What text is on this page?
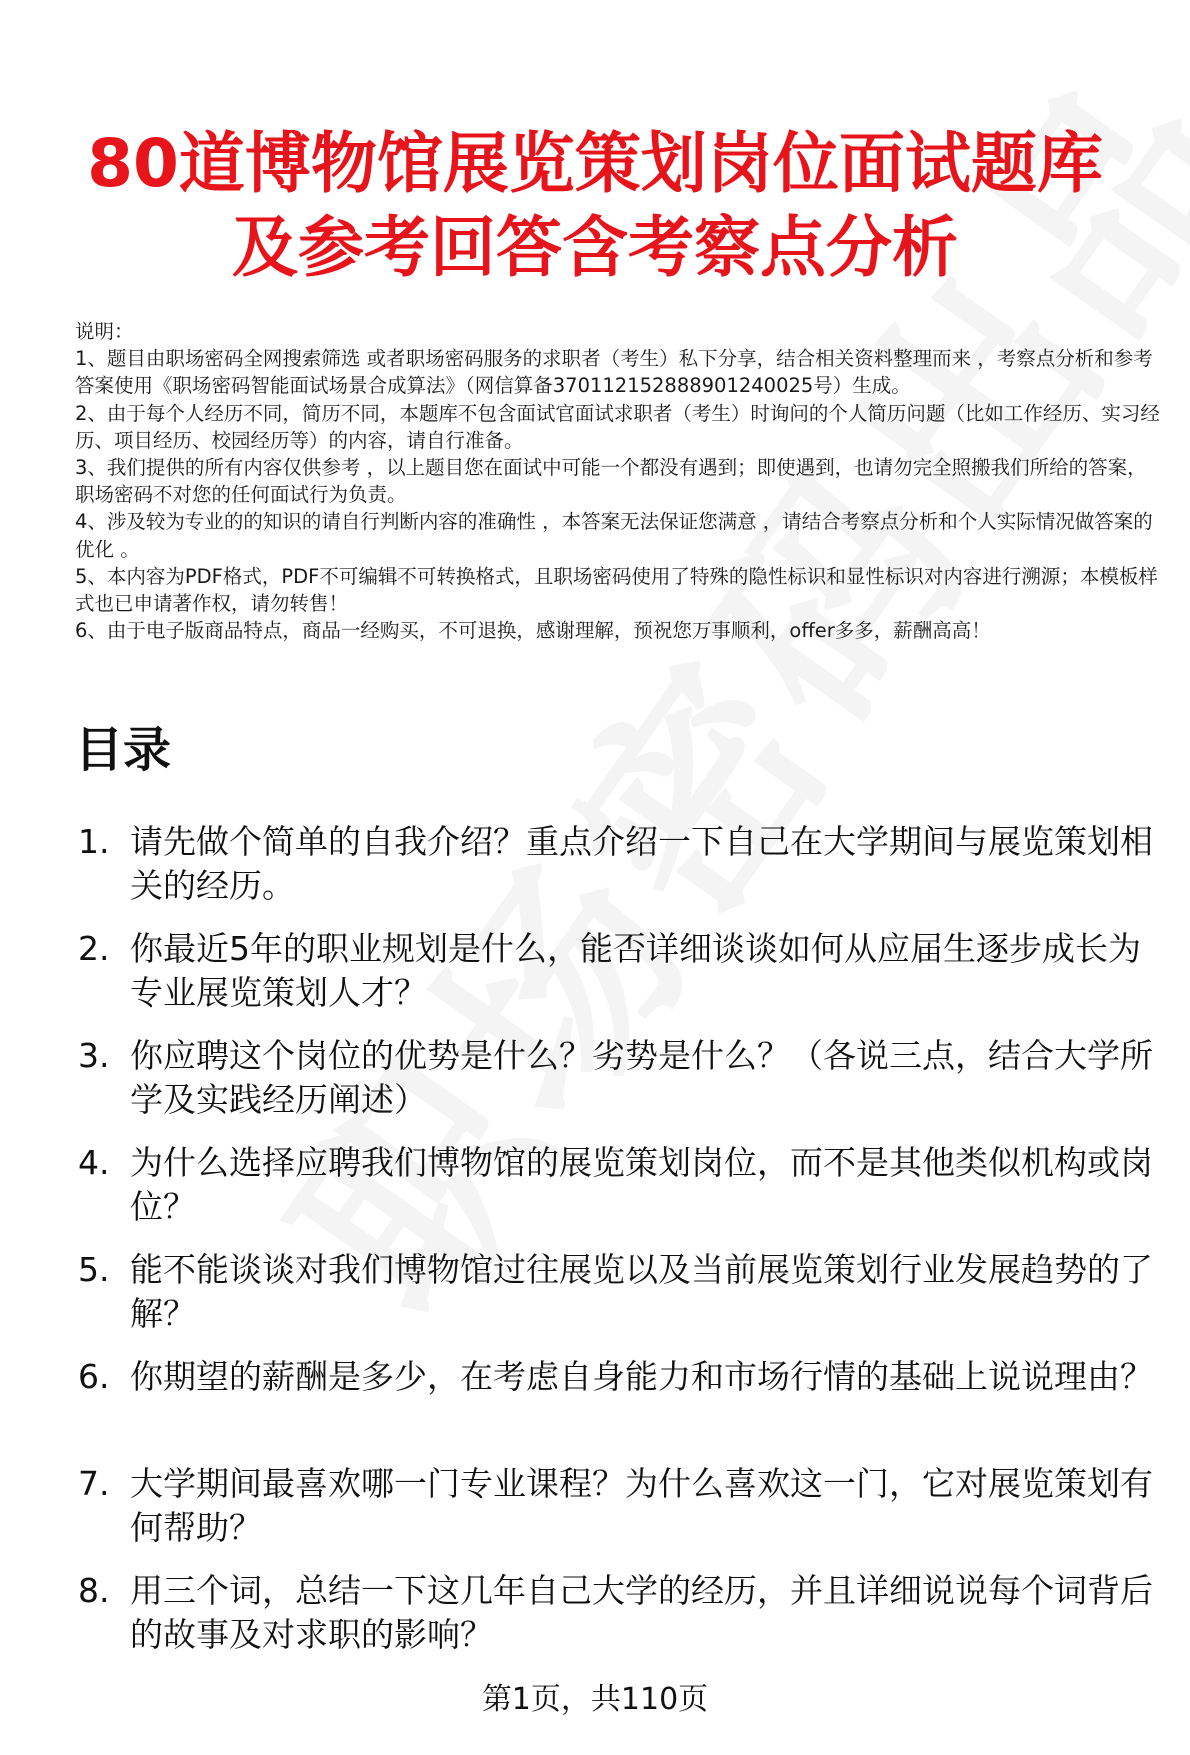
80道博物馆展览策划岗位面试题库及参考回答含考察点分析

说明：

1、题目由职场密码全网搜索筛选 或者职场密码服务的求职者（考生）私下分享，结合相关资料整理而来 ，考察点分析和参考答案使用《职场密码智能面试场景合成算法》（网信算备370112152888901240025号）生成。

2、由于每个人经历不同，简历不同，本题库不包含面试官面试求职者（考生）时询问的个人简历问题（比如工作经历、实习经历、项目经历、校园经历等）的内容，请自行准备。

3、我们提供的所有内容仅供参考 ，以上题目您在面试中可能一个都没有遇到；即使遇到，也请勿完全照搬我们所给的答案，职场密码不对您的任何面试行为负责。

4、涉及较为专业的的知识的请自行判断内容的准确性 ，本答案无法保证您满意 ，请结合考察点分析和个人实际情况做答案的优化 。

5、本内容为PDF格式，PDF不可编辑不可转换格式，且职场密码使用了特殊的隐性标识和显性标识对内容进行溯源；本模板样式也已申请著作权，请勿转售！

6、由于电子版商品特点，商品一经购买，不可退换，感谢理解，预祝您万事顺利，offer多多，薪酬高高！

目录
1. 请先做个简单的自我介绍？重点介绍一下自己在大学期间与展览策划相关的经历。
2. 你最近5年的职业规划是什么，能否详细谈谈如何从应届生逐步成长为专业展览策划人才？
3. 你应聘这个岗位的优势是什么？劣势是什么？（各说三点，结合大学所学及实践经历阐述）
4. 为什么选择应聘我们博物馆的展览策划岗位，而不是其他类似机构或岗位？
5. 能不能谈谈对我们博物馆过往展览以及当前展览策划行业发展趋势的了解？
6. 你期望的薪酬是多少，在考虑自身能力和市场行情的基础上说说理由？
7. 大学期间最喜欢哪一门专业课程？为什么喜欢这一门，它对展览策划有何帮助？
8. 用三个词，总结一下这几年自己大学的经历，并且详细说说每个词背后的故事及对求职的影响？
第1页，共110页
